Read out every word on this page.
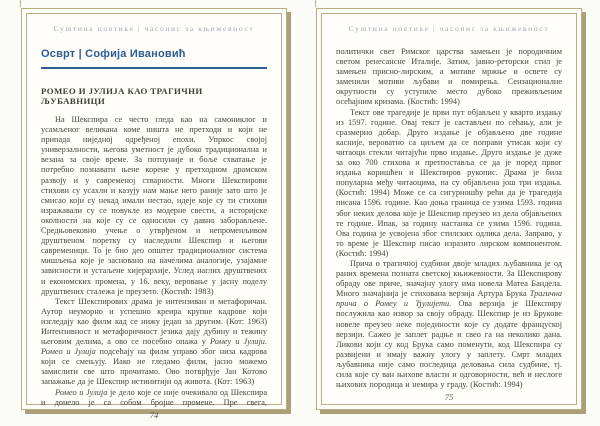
Суштина поетике | часопис за књижевност
Осврт | Софија Ивановић
РОМЕО И ЈУЛИЈА КАО ТРАГИЧНИ ЉУБАВНИЦИ

На Шекспира се често гледа као на самониклог и усамљеног великана коме ништа не претходи и који не припада ниједној одређеној епохи. Упркос својој универзалности, његова уметност је дубоко традиционална и везана за своје време. За потпуније и боље схватање је потребно познавати њене корене у претходном драмском развоју и у савременој стварности. Многи Шекспирови стихови су усахли и казују нам мање него раније зато што је смисао који су некад имали нестао, идеје које су ти стихови изражавали су се повукле из модерне свести, а историјске околности на које су се односили су давно заборављене. Средњовековно учење о утврђеном и непроменљивом друштвеном поретку су наследили Шекспир и његови савременици. То је био део општег традиционалног система мишљења које је засновано на начелима аналогије, узајамне зависности и устаљене хијерархије. Услед наглих друштвених и економских промена, у 16. веку, веровање у јасну поделу друштвених сталежа је преузето. (Костић: 1983)

Текст Шекспирових драма је интензиван и метафоричан. Аутор неуморно и успешно креира крупне кадрове који изгледају као филм кад се нижу један за другим. (Кот: 1963) Интензивност и метафоричност језика дају дубину и тежину његовим делима, а ово се посебно опажа у Ромеу и Јулији. Ромео и Јулија подсећају на филм управо због низа кадрова који се смењују. Иако не гледамо филм, јасно можемо замислити све што прочитамо. Ово потврђује Јан Котово запажање да је Шекспир истинитији од живота. (Кот: 1963)

Ромео и Јулија је дело које се није очекивало од Шекспира и донело је са собом бројне промене. Пре свега,

74
Суштина поетике | часопис за књижевност

политички свет Римског царства замењен је породичним светом ренесансне Италије. Затим, јавно-реторски стил је замењен присно-лирским, а мотиве мржње и освете су заменили мотиви љубави и помирења. Сензационалне окрутности су уступиле место дубоко преживљеним осећајним кризама. (Костић: 1994)

Текст ове трагедије је први пут објављен у кварто издању из 1597. године. Овај текст је састављен по сећању, али је сразмерно добар. Друго издање је објављено две године касније, вероватно са циљем да се поправи утисак који су читаоци стекли читајући прво издање. Друго издање је дуже за око 700 стихова и претпоставља се да је поред првог издања коришћен и Шекспиров рукопис. Драма је била популарна међу читаоцима, па су објављена још три издања. (Костић: 1994) Може се са сигурношћу рећи да је трагедија писана 1596. године. Као доња граница се узима 1593. година због неких делова које је Шекспир преузео из дела објављених те године. Ипак, за годину настанка се узима 1596. година. Ова година је усвојена због стилских одлика дела. Заправо, у то време је Шекспир писао изразито лирском компонентом. (Костић: 1994)

Прича о трагичној судбини двоје младих љубавника је од раних времена позната светској књижевности. За Шекспирову обраду ове приче, значајну улогу има новела Матеа Бандела. Много значајнија је стихована верзија Артура Брука Трагична прича о Ромеу и Ђулијети. Ова верзија је Шекспиру послужила као извор за своју обраду. Шекспир је из Брукове новеле преузео неке појединости које су додате француској верзији. Сажео је заплет радње и свео га на неколико дана. Ликови који су код Брука само поменути, код Шекспира су развијени и имају важну улогу у заплету. Смрт младих љубавника није само последица деловања сила судбине, тј. сила које су ван њихове власти и одговорности, већ и неслоге њихових породица и немира у граду. (Костић: 1994)

75
